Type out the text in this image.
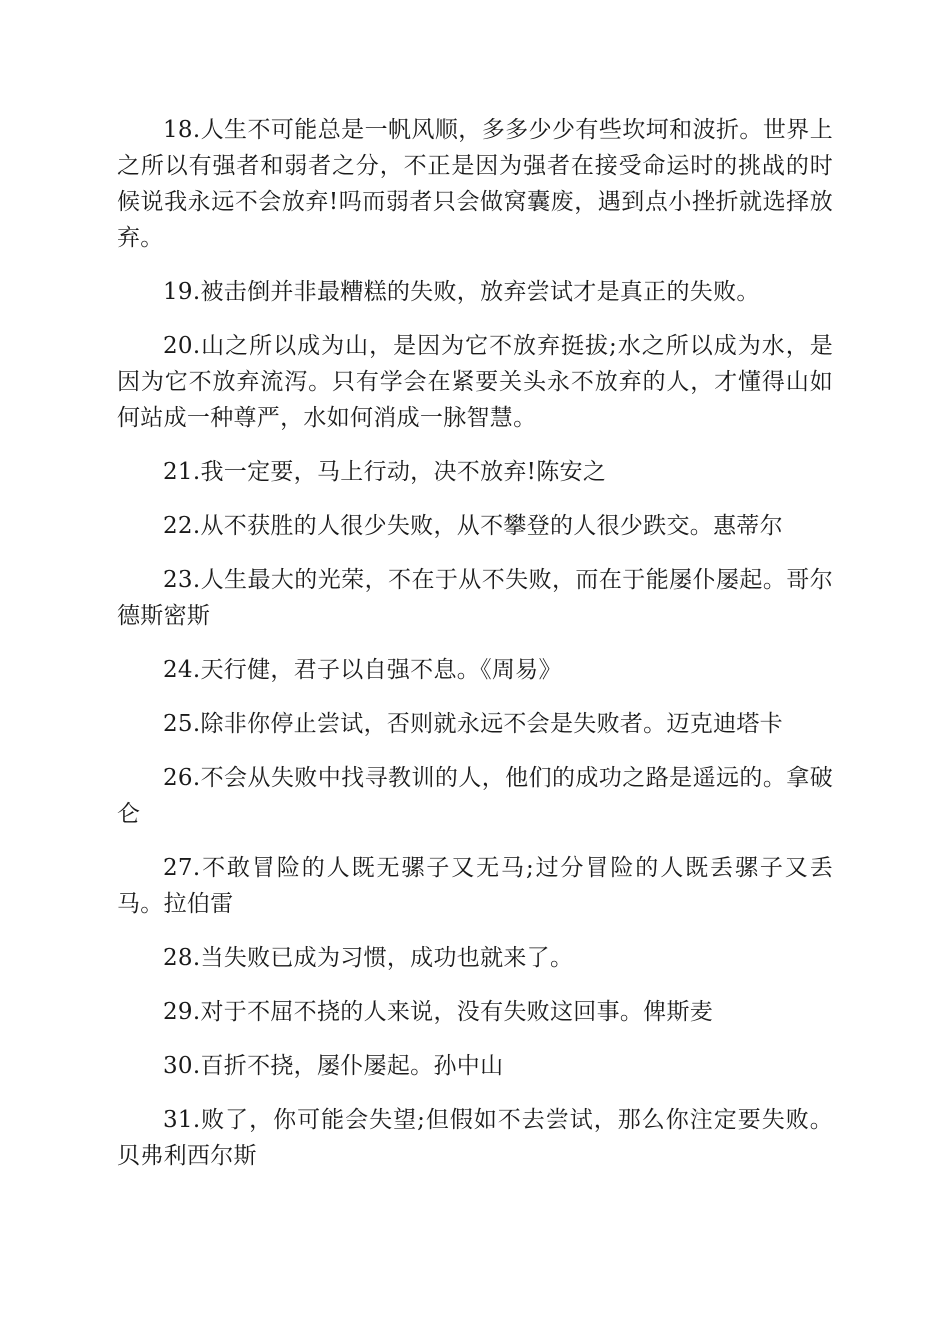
18.人生不可能总是一帆风顺，多多少少有些坎坷和波折。世界上之所以有强者和弱者之分，不正是因为强者在接受命运时的挑战的时候说我永远不会放弃!吗而弱者只会做窝囊废，遇到点小挫折就选择放弃。

19.被击倒并非最糟糕的失败，放弃尝试才是真正的失败。

20.山之所以成为山，是因为它不放弃挺拔;水之所以成为水，是因为它不放弃流泻。只有学会在紧要关头永不放弃的人，才懂得山如何站成一种尊严，水如何消成一脉智慧。

21.我一定要，马上行动，决不放弃!陈安之

22.从不获胜的人很少失败，从不攀登的人很少跌交。惠蒂尔

23.人生最大的光荣，不在于从不失败，而在于能屡仆屡起。哥尔德斯密斯

24.天行健，君子以自强不息。《周易》

25.除非你停止尝试，否则就永远不会是失败者。迈克迪塔卡

26.不会从失败中找寻教训的人，他们的成功之路是遥远的。拿破仑

27.不敢冒险的人既无骡子又无马;过分冒险的人既丢骡子又丢马。拉伯雷

28.当失败已成为习惯，成功也就来了。

29.对于不屈不挠的人来说，没有失败这回事。俾斯麦

30.百折不挠，屡仆屡起。孙中山

31.败了，你可能会失望;但假如不去尝试，那么你注定要失败。贝弗利西尔斯
